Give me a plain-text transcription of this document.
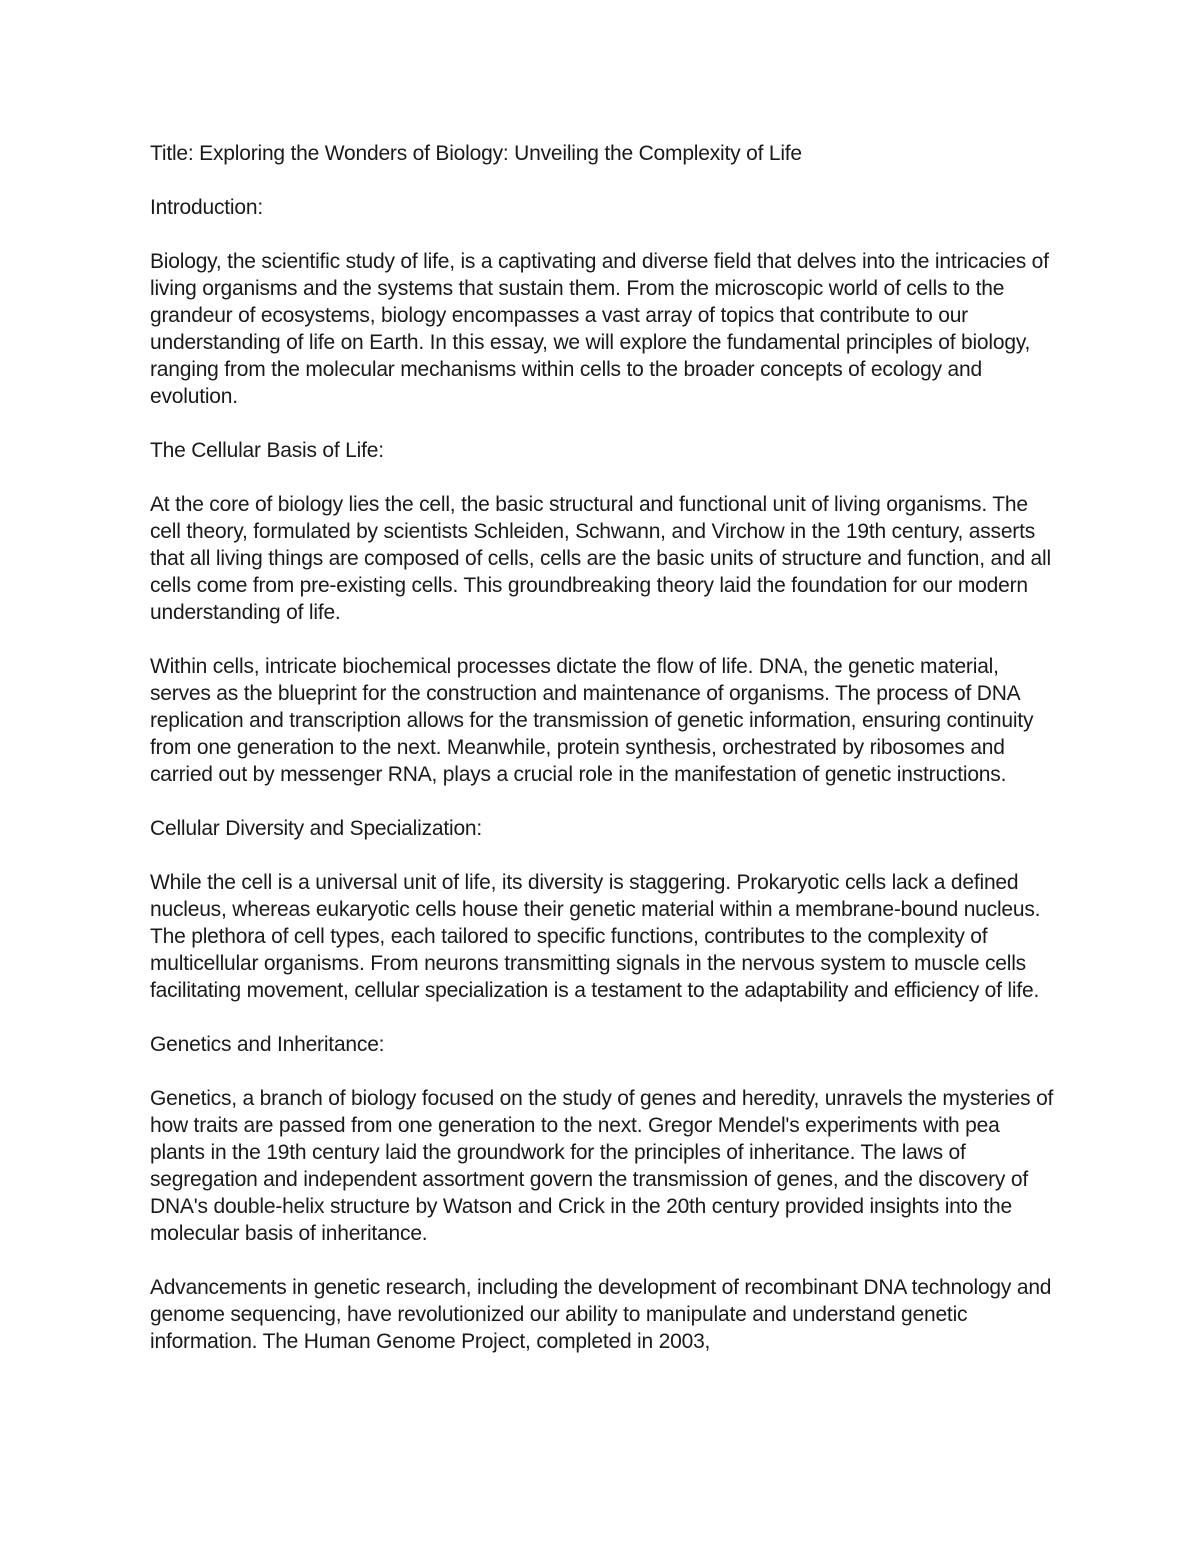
Title: Exploring the Wonders of Biology: Unveiling the Complexity of Life

Introduction:

Biology, the scientific study of life, is a captivating and diverse field that delves into the intricacies of living organisms and the systems that sustain them. From the microscopic world of cells to the grandeur of ecosystems, biology encompasses a vast array of topics that contribute to our understanding of life on Earth. In this essay, we will explore the fundamental principles of biology, ranging from the molecular mechanisms within cells to the broader concepts of ecology and evolution.

The Cellular Basis of Life:

At the core of biology lies the cell, the basic structural and functional unit of living organisms. The cell theory, formulated by scientists Schleiden, Schwann, and Virchow in the 19th century, asserts that all living things are composed of cells, cells are the basic units of structure and function, and all cells come from pre-existing cells. This groundbreaking theory laid the foundation for our modern understanding of life.

Within cells, intricate biochemical processes dictate the flow of life. DNA, the genetic material, serves as the blueprint for the construction and maintenance of organisms. The process of DNA replication and transcription allows for the transmission of genetic information, ensuring continuity from one generation to the next. Meanwhile, protein synthesis, orchestrated by ribosomes and carried out by messenger RNA, plays a crucial role in the manifestation of genetic instructions.

Cellular Diversity and Specialization:

While the cell is a universal unit of life, its diversity is staggering. Prokaryotic cells lack a defined nucleus, whereas eukaryotic cells house their genetic material within a membrane-bound nucleus. The plethora of cell types, each tailored to specific functions, contributes to the complexity of multicellular organisms. From neurons transmitting signals in the nervous system to muscle cells facilitating movement, cellular specialization is a testament to the adaptability and efficiency of life.

Genetics and Inheritance:

Genetics, a branch of biology focused on the study of genes and heredity, unravels the mysteries of how traits are passed from one generation to the next. Gregor Mendel's experiments with pea plants in the 19th century laid the groundwork for the principles of inheritance. The laws of segregation and independent assortment govern the transmission of genes, and the discovery of DNA's double-helix structure by Watson and Crick in the 20th century provided insights into the molecular basis of inheritance.

Advancements in genetic research, including the development of recombinant DNA technology and genome sequencing, have revolutionized our ability to manipulate and understand genetic information. The Human Genome Project, completed in 2003,
